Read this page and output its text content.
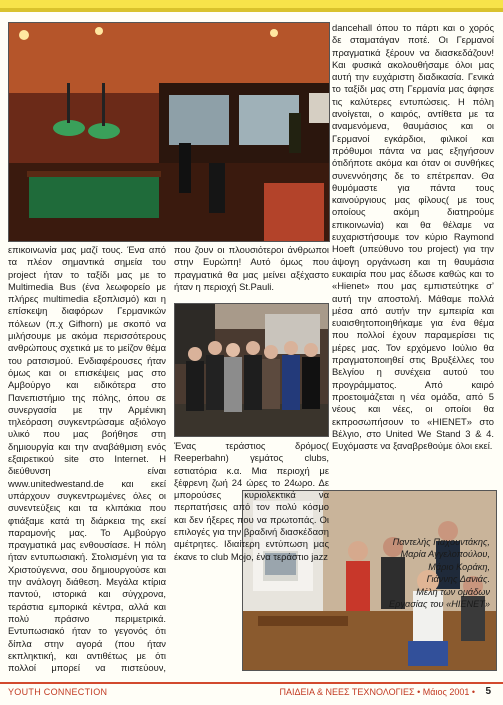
επικοινωνία μας μαζί τους. Ένα από τα πλέον σημαντικά σημεία του project ήταν το ταξίδι μας με το Multimedia Bus (ένα λεωφορείο με πλήρες multimedia εξοπλισμό) και η επίσκεψη διαφόρων Γερμανικών πόλεων (π.χ Gifhorn) με σκοπό να μιλήσουμε με ακόμα περισσότερους ανθρώπους σχετικά με το μείζον θέμα του ρατσισμού. Ενδιαφέρουσες ήταν όμως και οι επισκέψεις μας στο Αμβούργο και ειδικότερα στο Πανεπιστήμιο της πόλης, όπου σε συνεργασία με την Αρμένικη τηλεόραση συγκεντρώσαμε αξιόλογο υλικό που μας βοήθησε στη δημιουργία και την αναβάθμιση ενός εξαιρετικού site στο Internet. Η διεύθυνση είναι www.unitedwestand.de και εκεί υπάρχουν συγκεντρωμένες όλες οι συνεντεύξεις και τα κλιπάκια που φτιάξαμε κατά τη διάρκεια της εκεί παραμονής μας. Το Αμβούργο πραγματικά μας ενθουσίασε. Η πόλη ήταν εντυπωσιακή. Στολισμένη για τα Χριστούγεννα, σου δημιουργούσε και την ανάλογη διάθεση. Μεγάλα κτίρια παντού, ιστορικά και σύγχρονα, τεράστια εμπορικά κέντρα, αλλά και πολύ πράσινο περιμετρικά. Εντυπωσιακό ήταν το γεγονός ότι δίπλα στην αγορά (που ήταν εκπληκτική, και αντιθέτως με ότι πολλοί μπορεί να πιστεύουν,

που ζουν οι πλουσιότεροι άνθρωποι στην Ευρώπη! Αυτό όμως που πραγματικά θα μας μείνει αξέχαστο ήταν η περιοχή St.Pauli.

Ένας τεράστιος δρόμος( Reeperbahn) γεμάτος clubs, εστιατόρια κ.α. Μια περιοχή με ξέφρενη ζωή 24 ώρες το 24ωρο. Δε μπορούσες κυριολεκτικά να περπατήσεις από τον πολύ κόσμο και δεν ήξερες που να πρωτοπάς. Οι επιλογές για την βραδινή διασκέδαση αμέτρητες. Ιδιαίτερη εντύπωση μας έκανε το club Mojo, ένα τεράστιο jazz

dancehall όπου το πάρτι και ο χορός δε σταματάγαν ποτέ. Οι Γερμανοί πραγματικά ξέρουν να διασκεδάζουν! Και φυσικά ακολουθήσαμε όλοι μας αυτή την ευχάριστη διαδικασία. Γενικά το ταξίδι μας στη Γερμανία μας άφησε τις καλύτερες εντυπώσεις. Η πόλη ανοίγεται, ο καιρός, αντίθετα με τα αναμενόμενα, θαυμάσιος και οι Γερμανοί εγκάρδιοι, φιλικοί και πρόθυμοι πάντα να μας εξηγήσουν ότιδήποτε ακόμα και όταν οι συνθήκες συνεννόησης δε το επέτρεπαν. Θα θυμόμαστε για πάντα τους καινούργιους μας φίλους( με τους οποίους ακόμη διατηρούμε επικοινωνία) και θα θέλαμε να ευχαριστήσουμε τον κύριο Raymond Hoeft (υπεύθυνο του project) για την άψογη οργάνωση και τη θαυμάσια ευκαιρία που μας έδωσε καθώς και το «Hienet» που μας εμπιστεύτηκε σ’ αυτή την αποστολή. Μάθαμε πολλά μέσα από αυτήν την εμπειρία και ευαισθητοποιηθήκαμε για ένα θέμα που πολλοί έχουν παραμερίσει τις μέρες μας. Τον ερχόμενο Ιούλιο θα πραγματοποιηθεί στις Βρυξέλλες του Βελγίου η συνέχεια αυτού του προγράμματος. Από καιρό προετοιμάζεται η νέα ομάδα, από 5 νέους και νέες, οι οποίοι θα εκπροσωπήσουν το «ΗΙΕΝΕΤ» στο Βέλγιο, στο United We Stand 3 & 4. Ευχόμαστε να ξαναβρεθούμε όλοι εκεί.

Παντελής Παχουντάκης,
Μαρία Αγγελοπούλου,
Μάριο Κοράκη,
Γιάννης Δανιάς.
Μέλη των ομάδων
Εργασίας του «HIENET»
YOUTH CONNECTION	ΠΑΙΔΕΙΑ & ΝΕΕΣ ΤΕΧΝΟΛΟΓΙΕΣ • Μάιος 2001 • 5
